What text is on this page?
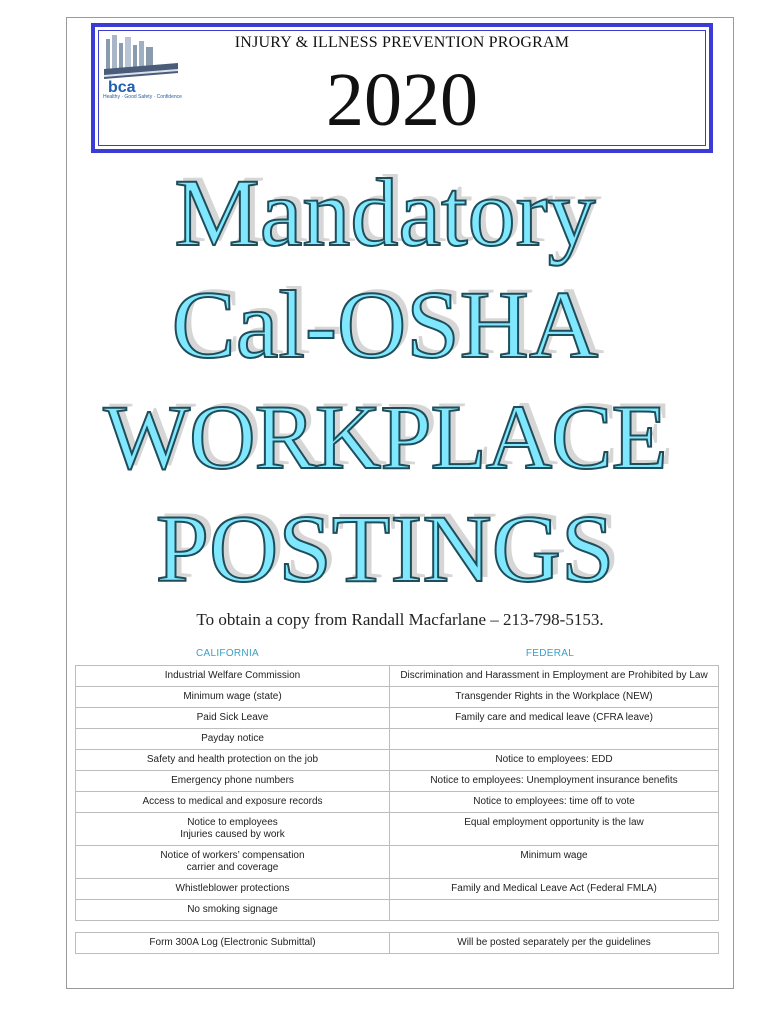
INJURY & ILLNESS PREVENTION PROGRAM
2020
bca
Healthy · Good Safety · Confidence
Mandatory
Cal-OSHA
WORKPLACE
POSTINGS
To obtain a copy from Randall Macfarlane – 213-798-5153.
CALIFORNIA	FEDERAL
Industrial Welfare Commission	Discrimination and Harassment in Employment are Prohibited by Law
Minimum wage (state)	Transgender Rights in the Workplace (NEW)
Paid Sick Leave	Family care and medical leave (CFRA leave)
Payday notice	
Safety and health protection on the job	Notice to employees: EDD
Emergency phone numbers	Notice to employees: Unemployment insurance benefits
Access to medical and exposure records	Notice to employees: time off to vote
Notice to employees
Injuries caused by work	Equal employment opportunity is the law
Notice of workers’ compensation
carrier and coverage	Minimum wage
Whistleblower protections	Family and Medical Leave Act (Federal FMLA)
No smoking signage	
Form 300A Log (Electronic Submittal)	Will be posted separately per the guidelines
